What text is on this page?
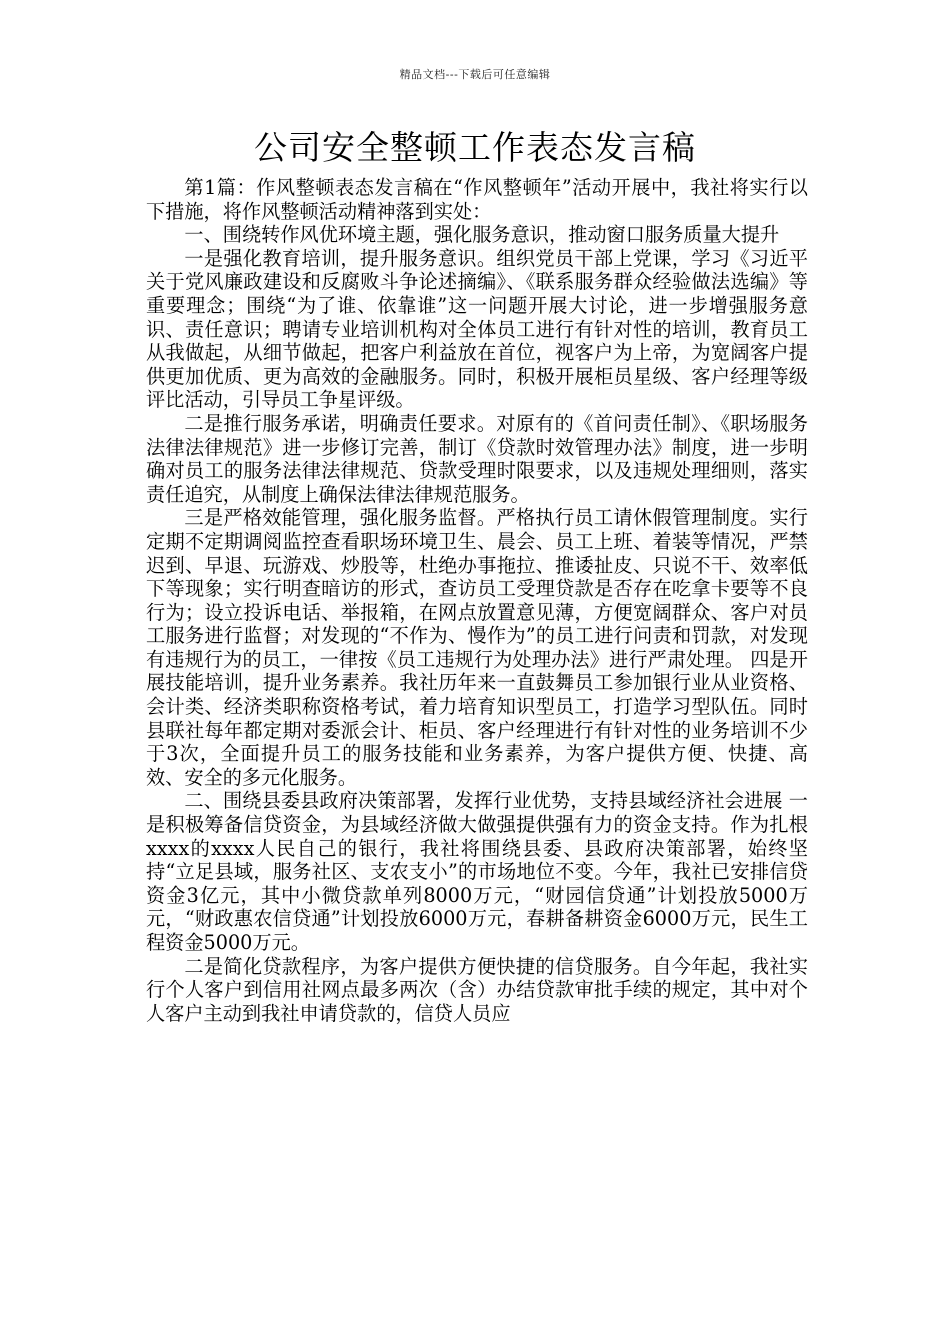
精品文档---下载后可任意编辑
公司安全整顿工作表态发言稿

第1篇：作风整顿表态发言稿在“作风整顿年”活动开展中，我社将实行以下措施，将作风整顿活动精神落到实处：

一、围绕转作风优环境主题，强化服务意识，推动窗口服务质量大提升

一是强化教育培训，提升服务意识。组织党员干部上党课，学习《习近平关于党风廉政建设和反腐败斗争论述摘编》、《联系服务群众经验做法选编》等重要理念；围绕“为了谁、依靠谁”这一问题开展大讨论，进一步增强服务意识、责任意识；聘请专业培训机构对全体员工进行有针对性的培训，教育员工从我做起，从细节做起，把客户利益放在首位，视客户为上帝，为宽阔客户提供更加优质、更为高效的金融服务。同时，积极开展柜员星级、客户经理等级评比活动，引导员工争星评级。

二是推行服务承诺，明确责任要求。对原有的《首问责任制》、《职场服务法律法律规范》进一步修订完善，制订《贷款时效管理办法》制度，进一步明确对员工的服务法律法律规范、贷款受理时限要求，以及违规处理细则，落实责任追究，从制度上确保法律法律规范服务。

三是严格效能管理，强化服务监督。严格执行员工请休假管理制度。实行定期不定期调阅监控查看职场环境卫生、晨会、员工上班、着装等情况，严禁迟到、早退、玩游戏、炒股等，杜绝办事拖拉、推诿扯皮、只说不干、效率低下等现象；实行明查暗访的形式，查访员工受理贷款是否存在吃拿卡要等不良行为；设立投诉电话、举报箱，在网点放置意见薄，方便宽阔群众、客户对员工服务进行监督；对发现的“不作为、慢作为”的员工进行问责和罚款，对发现有违规行为的员工，一律按《员工违规行为处理办法》进行严肃处理。 四是开展技能培训，提升业务素养。我社历年来一直鼓舞员工参加银行业从业资格、会计类、经济类职称资格考试，着力培育知识型员工，打造学习型队伍。同时县联社每年都定期对委派会计、柜员、客户经理进行有针对性的业务培训不少于3次，全面提升员工的服务技能和业务素养，为客户提供方便、快捷、高效、安全的多元化服务。

二、围绕县委县政府决策部署，发挥行业优势，支持县域经济社会进展 一是积极筹备信贷资金，为县域经济做大做强提供强有力的资金支持。作为扎根xxxx的xxxx人民自己的银行，我社将围绕县委、县政府决策部署，始终坚持“立足县域，服务社区、支农支小”的市场地位不变。今年，我社已安排信贷资金3亿元，其中小微贷款单列8000万元，“财园信贷通”计划投放5000万元，“财政惠农信贷通”计划投放6000万元，春耕备耕资金6000万元，民生工程资金5000万元。

二是简化贷款程序，为客户提供方便快捷的信贷服务。自今年起，我社实行个人客户到信用社网点最多两次（含）办结贷款审批手续的规定，其中对个人客户主动到我社申请贷款的，信贷人员应
